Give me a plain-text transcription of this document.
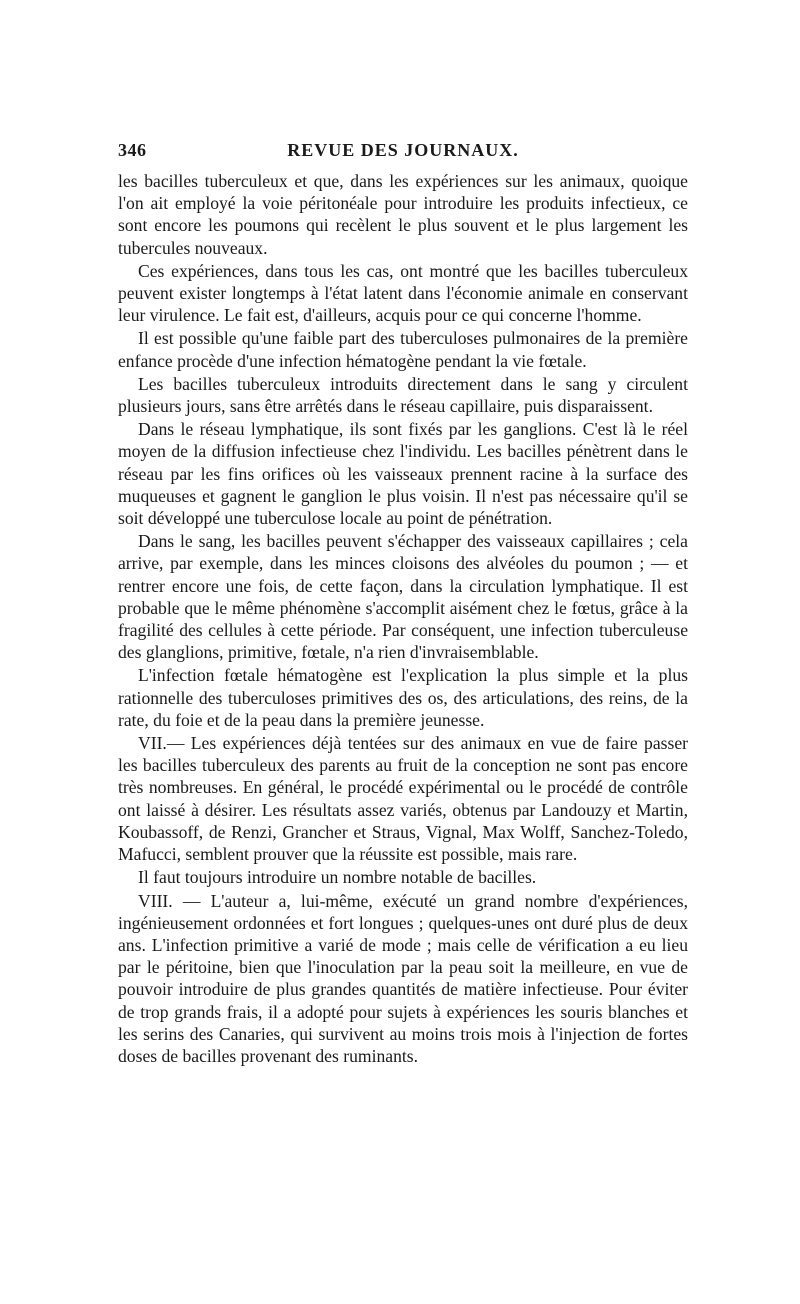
346	REVUE DES JOURNAUX.

les bacilles tuberculeux et que, dans les expériences sur les animaux, quoique l'on ait employé la voie péritonéale pour introduire les produits infectieux, ce sont encore les poumons qui recèlent le plus souvent et le plus largement les tubercules nouveaux.

Ces expériences, dans tous les cas, ont montré que les bacilles tuberculeux peuvent exister longtemps à l'état latent dans l'économie animale en conservant leur virulence. Le fait est, d'ailleurs, acquis pour ce qui concerne l'homme.

Il est possible qu'une faible part des tuberculoses pulmonaires de la première enfance procède d'une infection hématogène pendant la vie fœtale.

Les bacilles tuberculeux introduits directement dans le sang y circulent plusieurs jours, sans être arrêtés dans le réseau capillaire, puis disparaissent.

Dans le réseau lymphatique, ils sont fixés par les ganglions. C'est là le réel moyen de la diffusion infectieuse chez l'individu. Les bacilles pénètrent dans le réseau par les fins orifices où les vaisseaux prennent racine à la surface des muqueuses et gagnent le ganglion le plus voisin. Il n'est pas nécessaire qu'il se soit développé une tuberculose locale au point de pénétration.

Dans le sang, les bacilles peuvent s'échapper des vaisseaux capillaires ; cela arrive, par exemple, dans les minces cloisons des alvéoles du poumon ; — et rentrer encore une fois, de cette façon, dans la circulation lymphatique. Il est probable que le même phénomène s'accomplit aisément chez le fœtus, grâce à la fragilité des cellules à cette période. Par conséquent, une infection tuberculeuse des glanglions, primitive, fœtale, n'a rien d'invraisemblable.

L'infection fœtale hématogène est l'explication la plus simple et la plus rationnelle des tuberculoses primitives des os, des articulations, des reins, de la rate, du foie et de la peau dans la première jeunesse.

VII.— Les expériences déjà tentées sur des animaux en vue de faire passer les bacilles tuberculeux des parents au fruit de la conception ne sont pas encore très nombreuses. En général, le procédé expérimental ou le procédé de contrôle ont laissé à désirer. Les résultats assez variés, obtenus par Landouzy et Martin, Koubassoff, de Renzi, Grancher et Straus, Vignal, Max Wolff, Sanchez-Toledo, Mafucci, semblent prouver que la réussite est possible, mais rare.

Il faut toujours introduire un nombre notable de bacilles.

VIII. — L'auteur a, lui-même, exécuté un grand nombre d'expériences, ingénieusement ordonnées et fort longues ; quelques-unes ont duré plus de deux ans. L'infection primitive a varié de mode ; mais celle de vérification a eu lieu par le péritoine, bien que l'inoculation par la peau soit la meilleure, en vue de pouvoir introduire de plus grandes quantités de matière infectieuse. Pour éviter de trop grands frais, il a adopté pour sujets à expériences les souris blanches et les serins des Canaries, qui survivent au moins trois mois à l'injection de fortes doses de bacilles provenant des ruminants.
